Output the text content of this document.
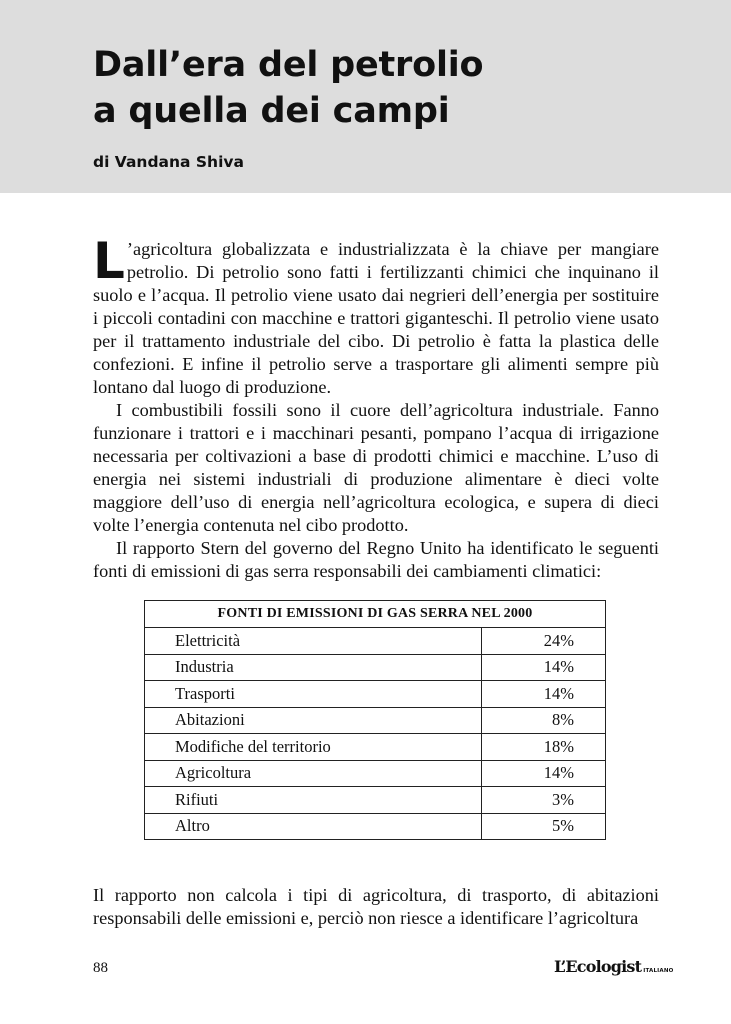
Dall’era del petrolio
a quella dei campi
di Vandana Shiva

L ’agricoltura globalizzata e industrializzata è la chiave per mangiare petrolio. Di petrolio sono fatti i fertilizzanti chimici che inquinano il suolo e l’acqua. Il petrolio viene usato dai negrieri dell’energia per sostituire i piccoli contadini con macchine e trattori giganteschi. Il petrolio viene usato per il trattamento industriale del cibo. Di petrolio è fatta la plastica delle confezioni. E infine il petrolio serve a trasportare gli alimenti sempre più lontano dal luogo di produzione.

I combustibili fossili sono il cuore dell’agricoltura industriale. Fanno funzionare i trattori e i macchinari pesanti, pompano l’acqua di irrigazione necessaria per coltivazioni a base di prodotti chimici e macchine. L’uso di energia nei sistemi industriali di produzione alimentare è dieci volte maggiore dell’uso di energia nell’agricoltura ecologica, e supera di dieci volte l’energia contenuta nel cibo prodotto.

Il rapporto Stern del governo del Regno Unito ha identificato le seguenti fonti di emissioni di gas serra responsabili dei cambiamenti climatici:

FONTI DI EMISSIONI DI GAS SERRA NEL 2000	
Elettricità	24%
Industria	14%
Trasporti	14%
Abitazioni	8%
Modifiche del territorio	18%
Agricoltura	14%
Rifiuti	3%
Altro	5%

Il rapporto non calcola i tipi di agricoltura, di trasporto, di abitazioni responsabili delle emissioni e, perciò non riesce a identificare l’agricoltura

88	L’Ecologist ITALIANO
